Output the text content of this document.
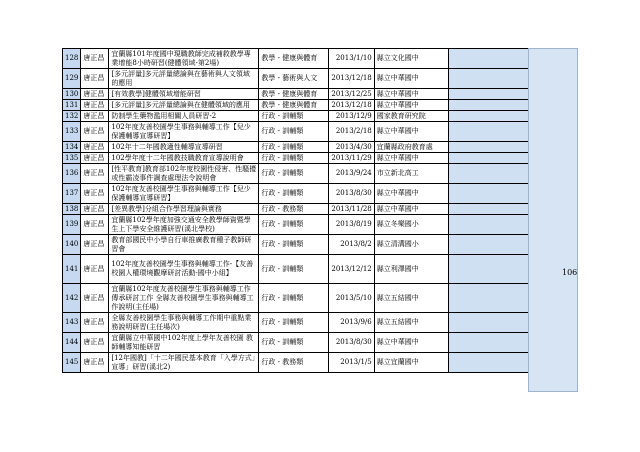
128	唐正昌	宜蘭縣101年度國中現職教師完成補救教學專業增能8小時研習(健體領域-第2場)	教學 - 健康與體育	2013/1/10	縣立文化國中	
129	唐正昌	[多元評量]多元評量總論與在藝術與人文領域的應用	教學 - 藝術與人文	2013/12/18	縣立中華國中	
130	唐正昌	[有效教學]健體領域增能研習	教學 - 健康與體育	2013/12/25	縣立中華國中	
131	唐正昌	[多元評量]多元評量總論與在健體領域的應用	教學 - 健康與體育	2013/12/18	縣立中華國中	
132	唐正昌	防制學生藥物濫用相關人員研習-2	行政 - 訓輔類	2013/12/9	國家教育研究院	
133	唐正昌	102年度友善校園學生事務與輔導工作【兒少保護輔導宣導研習】	行政 - 訓輔類	2013/2/18	縣立中華國中	
134	唐正昌	102年十二年國教適性輔導宣導研習	行政 - 訓輔類	2013/4/30	宜蘭縣政府教育處	
135	唐正昌	102學年度十二年國教技職教育宣導說明會	行政 - 訓輔類	2013/11/29	縣立中華國中	
136	唐正昌	[性平教育]教育部102年度校園性侵害、性騷擾或性霸凌事件調查處理法令說明會	行政 - 訓輔類	2013/9/24	市立新北高工	
137	唐正昌	102年度友善校園學生事務與輔導工作【兒少保護輔導宣導研習】	行政 - 訓輔類	2013/8/30	縣立中華國中	
138	唐正昌	[差異教學]分組合作學習理論與實務	行政 - 教務類	2013/11/28	縣立中華國中	
139	唐正昌	宜蘭縣102學年度加強交通安全教學師資暨學生上下學安全維護研習(溪北學校)	行政 - 訓輔類	2013/8/19	縣立冬樂國小	
140	唐正昌	教育部國民中小學自行車推廣教育種子教師研習會	行政 - 訓輔類	2013/8/2	縣立清溝國小	
141	唐正昌	102年度友善校園學生事務與輔導工作-【友善校園人權環境觀摩研討活動-國中小組】	行政 - 訓輔類	2013/12/12	縣立利澤國中	
142	唐正昌	宜蘭縣102年度友善校園學生事務與輔導工作傳承研討工作 全縣友善校園學生事務與輔導工作說明(主任場)	行政 - 訓輔類	2013/5/10	縣立五結國中	
143	唐正昌	全縣友善校園學生事務與輔導工作期中重點業務說明研習(主任場次)	行政 - 訓輔類	2013/9/6	縣立五結國中	
144	唐正昌	宜蘭縣立中華國中102年度上學年友善校園 教師輔導知能研習	行政 - 訓輔類	2013/8/30	縣立中華國中	
145	唐正昌	[12年國教]「十二年國民基本教育「入學方式」宣導」研習(溪北2)	行政 - 教務類	2013/1/5	縣立宜蘭國中	
106
